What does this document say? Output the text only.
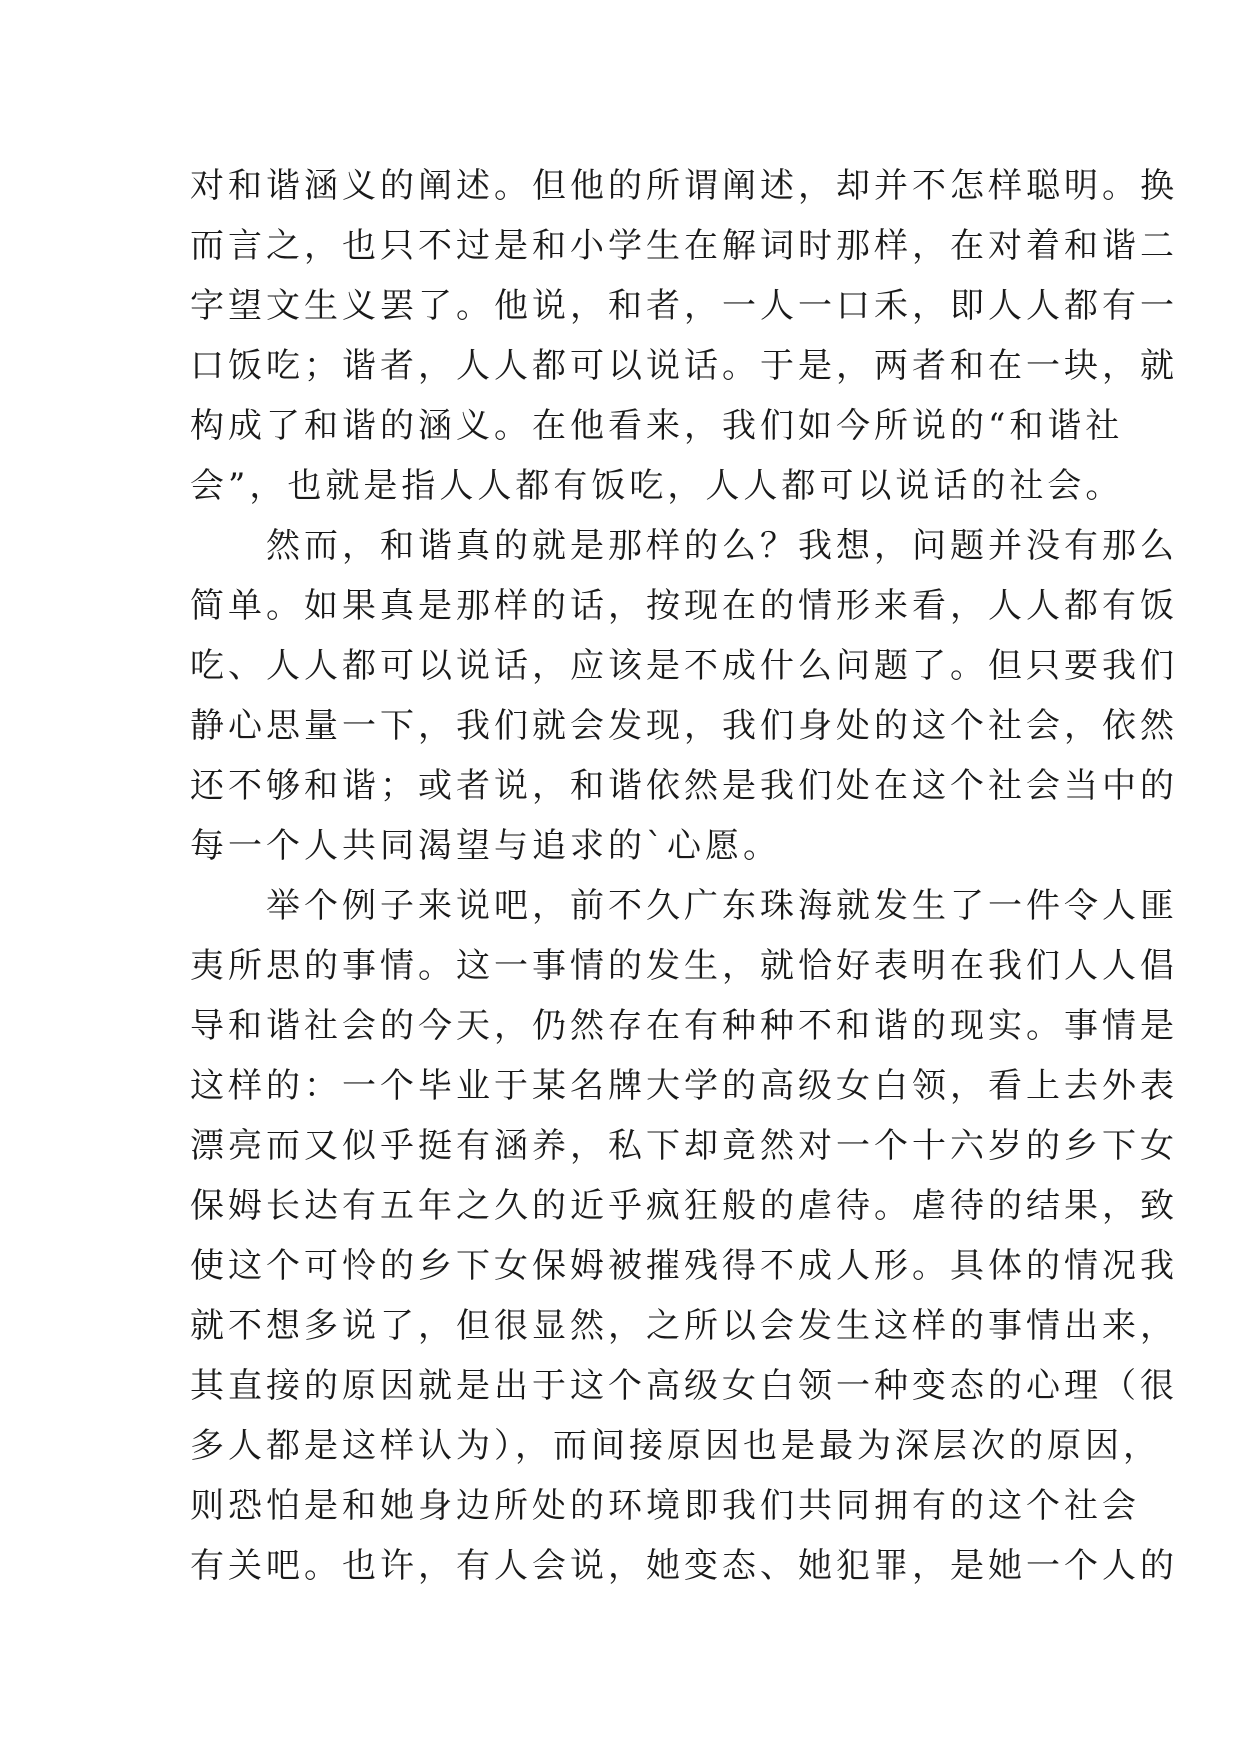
对和谐涵义的阐述。但他的所谓阐述，却并不怎样聪明。换
而言之，也只不过是和小学生在解词时那样，在对着和谐二
字望文生义罢了。他说，和者，一人一口禾，即人人都有一
口饭吃；谐者，人人都可以说话。于是，两者和在一块，就
构成了和谐的涵义。在他看来，我们如今所说的“和谐社
会”，也就是指人人都有饭吃，人人都可以说话的社会。
　　然而，和谐真的就是那样的么？我想，问题并没有那么
简单。如果真是那样的话，按现在的情形来看，人人都有饭
吃、人人都可以说话，应该是不成什么问题了。但只要我们
静心思量一下，我们就会发现，我们身处的这个社会，依然
还不够和谐；或者说，和谐依然是我们处在这个社会当中的
每一个人共同渴望与追求的`心愿。
　　举个例子来说吧，前不久广东珠海就发生了一件令人匪
夷所思的事情。这一事情的发生，就恰好表明在我们人人倡
导和谐社会的今天，仍然存在有种种不和谐的现实。事情是
这样的：一个毕业于某名牌大学的高级女白领，看上去外表
漂亮而又似乎挺有涵养，私下却竟然对一个十六岁的乡下女
保姆长达有五年之久的近乎疯狂般的虐待。虐待的结果，致
使这个可怜的乡下女保姆被摧残得不成人形。具体的情况我
就不想多说了，但很显然，之所以会发生这样的事情出来，
其直接的原因就是出于这个高级女白领一种变态的心理（很
多人都是这样认为），而间接原因也是最为深层次的原因，
则恐怕是和她身边所处的环境即我们共同拥有的这个社会
有关吧。也许，有人会说，她变态、她犯罪，是她一个人的
